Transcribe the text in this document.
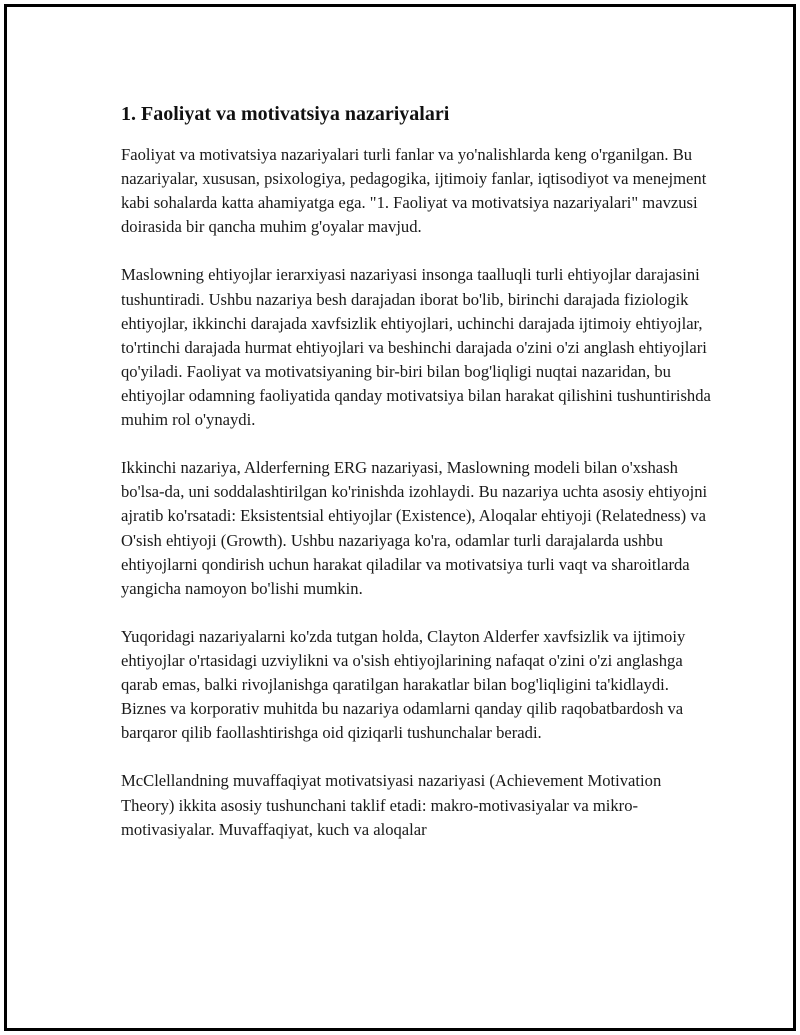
1. Faoliyat va motivatsiya nazariyalari

Faoliyat va motivatsiya nazariyalari turli fanlar va yo'nalishlarda keng o'rganilgan. Bu nazariyalar, xususan, psixologiya, pedagogika, ijtimoiy fanlar, iqtisodiyot va menejment kabi sohalarda katta ahamiyatga ega. "1. Faoliyat va motivatsiya nazariyalari" mavzusi doirasida bir qancha muhim g'oyalar mavjud.

Maslowning ehtiyojlar ierarxiyasi nazariyasi insonga taalluqli turli ehtiyojlar darajasini tushuntiradi. Ushbu nazariya besh darajadan iborat bo'lib, birinchi darajada fiziologik ehtiyojlar, ikkinchi darajada xavfsizlik ehtiyojlari, uchinchi darajada ijtimoiy ehtiyojlar, to'rtinchi darajada hurmat ehtiyojlari va beshinchi darajada o'zini o'zi anglash ehtiyojlari qo'yiladi. Faoliyat va motivatsiyaning bir-biri bilan bog'liqligi nuqtai nazaridan, bu ehtiyojlar odamning faoliyatida qanday motivatsiya bilan harakat qilishini tushuntirishda muhim rol o'ynaydi.

Ikkinchi nazariya, Alderferning ERG nazariyasi, Maslowning modeli bilan o'xshash bo'lsa-da, uni soddalashtirilgan ko'rinishda izohlaydi. Bu nazariya uchta asosiy ehtiyojni ajratib ko'rsatadi: Eksistentsial ehtiyojlar (Existence), Aloqalar ehtiyoji (Relatedness) va O'sish ehtiyoji (Growth). Ushbu nazariyaga ko'ra, odamlar turli darajalarda ushbu ehtiyojlarni qondirish uchun harakat qiladilar va motivatsiya turli vaqt va sharoitlarda yangicha namoyon bo'lishi mumkin.

Yuqoridagi nazariyalarni ko'zda tutgan holda, Clayton Alderfer xavfsizlik va ijtimoiy ehtiyojlar o'rtasidagi uzviylikni va o'sish ehtiyojlarining nafaqat o'zini o'zi anglashga qarab emas, balki rivojlanishga qaratilgan harakatlar bilan bog'liqligini ta'kidlaydi. Biznes va korporativ muhitda bu nazariya odamlarni qanday qilib raqobatbardosh va barqaror qilib faollashtirishga oid qiziqarli tushunchalar beradi.

McClellandning muvaffaqiyat motivatsiyasi nazariyasi (Achievement Motivation Theory) ikkita asosiy tushunchani taklif etadi: makro-motivasiyalar va mikro-motivasiyalar. Muvaffaqiyat, kuch va aloqalar
